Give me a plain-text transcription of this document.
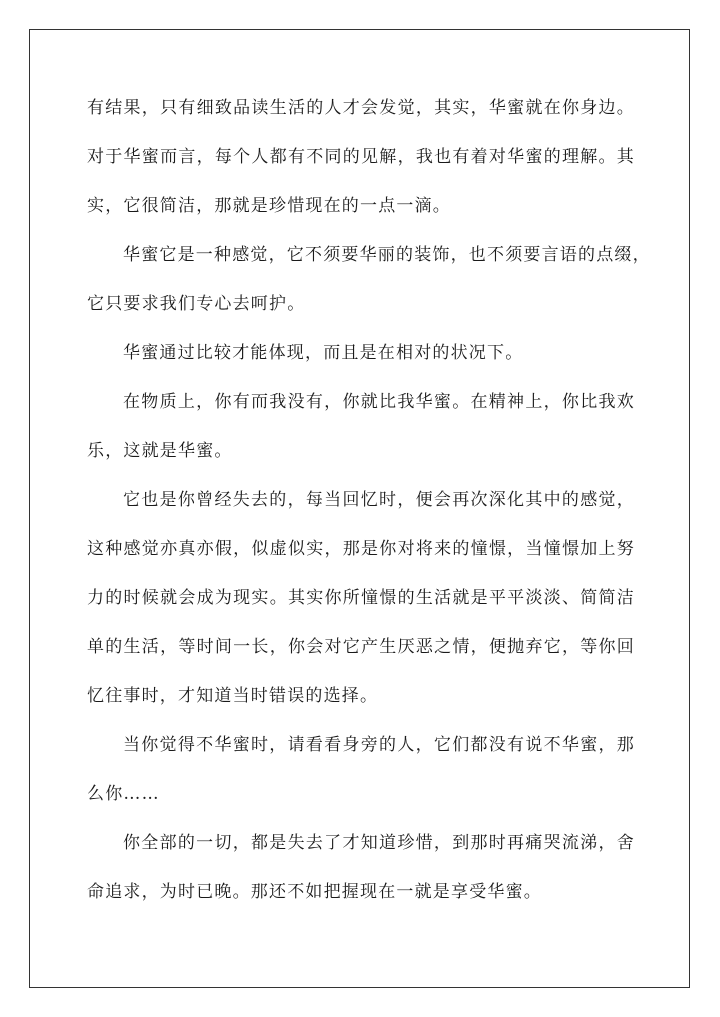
有结果，只有细致品读生活的人才会发觉，其实，华蜜就在你身边。
对于华蜜而言，每个人都有不同的见解，我也有着对华蜜的理解。其
实，它很简洁，那就是珍惜现在的一点一滴。
华蜜它是一种感觉，它不须要华丽的装饰，也不须要言语的点缀，
它只要求我们专心去呵护。
华蜜通过比较才能体现，而且是在相对的状况下。
在物质上，你有而我没有，你就比我华蜜。在精神上，你比我欢
乐，这就是华蜜。
它也是你曾经失去的，每当回忆时，便会再次深化其中的感觉，
这种感觉亦真亦假，似虚似实，那是你对将来的憧憬，当憧憬加上努
力的时候就会成为现实。其实你所憧憬的生活就是平平淡淡、简简洁
单的生活，等时间一长，你会对它产生厌恶之情，便抛弃它，等你回
忆往事时，才知道当时错误的选择。
当你觉得不华蜜时，请看看身旁的人，它们都没有说不华蜜，那
么你……
你全部的一切，都是失去了才知道珍惜，到那时再痛哭流涕，舍
命追求，为时已晚。那还不如把握现在一就是享受华蜜。
